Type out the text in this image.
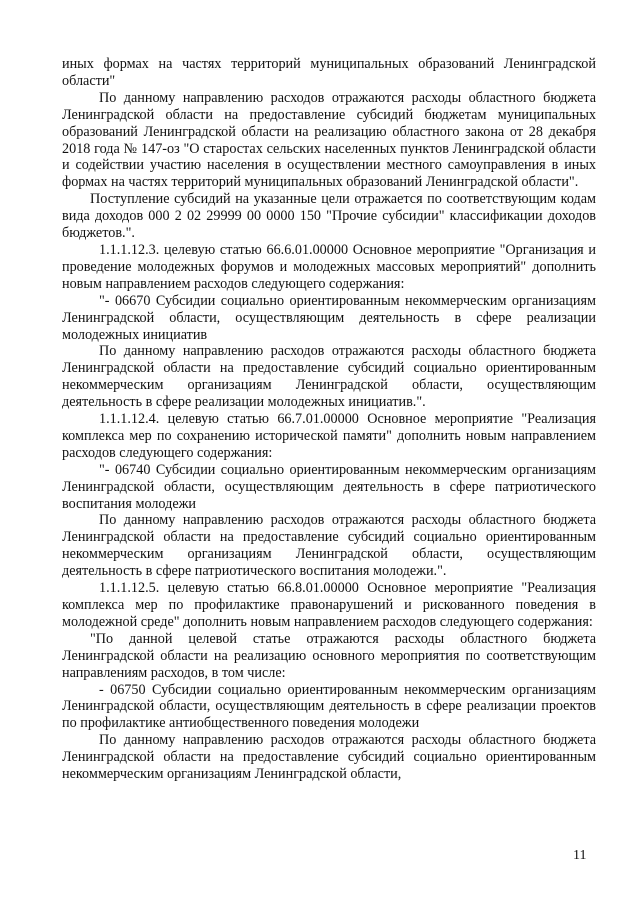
иных формах на частях территорий муниципальных образований Ленинградской области"

По данному направлению расходов отражаются расходы областного бюджета Ленинградской области на предоставление субсидий бюджетам муниципальных образований Ленинградской области на реализацию областного закона от 28 декабря 2018 года № 147-оз "О старостах сельских населенных пунктов Ленинградской области и содействии участию населения в осуществлении местного самоуправления в иных формах на частях территорий муниципальных образований Ленинградской области".

Поступление субсидий на указанные цели отражается по соответствующим кодам вида доходов 000 2 02 29999 00 0000 150 "Прочие субсидии" классификации доходов бюджетов.".

1.1.1.12.3. целевую статью 66.6.01.00000 Основное мероприятие "Организация и проведение молодежных форумов и молодежных массовых мероприятий" дополнить новым направлением расходов следующего содержания:

"- 06670 Субсидии социально ориентированным некоммерческим организациям Ленинградской области, осуществляющим деятельность в сфере реализации молодежных инициатив

По данному направлению расходов отражаются расходы областного бюджета Ленинградской области на предоставление субсидий социально ориентированным некоммерческим организациям Ленинградской области, осуществляющим деятельность в сфере реализации молодежных инициатив.".

1.1.1.12.4. целевую статью 66.7.01.00000 Основное мероприятие "Реализация комплекса мер по сохранению исторической памяти" дополнить новым направлением расходов следующего содержания:

"- 06740 Субсидии социально ориентированным некоммерческим организациям Ленинградской области, осуществляющим деятельность в сфере патриотического воспитания молодежи

По данному направлению расходов отражаются расходы областного бюджета Ленинградской области на предоставление субсидий социально ориентированным некоммерческим организациям Ленинградской области, осуществляющим деятельность в сфере патриотического воспитания молодежи.".

1.1.1.12.5. целевую статью 66.8.01.00000 Основное мероприятие "Реализация комплекса мер по профилактике правонарушений и рискованного поведения в молодежной среде" дополнить новым направлением расходов следующего содержания:

"По данной целевой статье отражаются расходы областного бюджета Ленинградской области на реализацию основного мероприятия по соответствующим направлениям расходов, в том числе:

- 06750 Субсидии социально ориентированным некоммерческим организациям Ленинградской области, осуществляющим деятельность в сфере реализации проектов по профилактике антиобщественного поведения молодежи

По данному направлению расходов отражаются расходы областного бюджета Ленинградской области на предоставление субсидий социально ориентированным некоммерческим организациям Ленинградской области,

11
